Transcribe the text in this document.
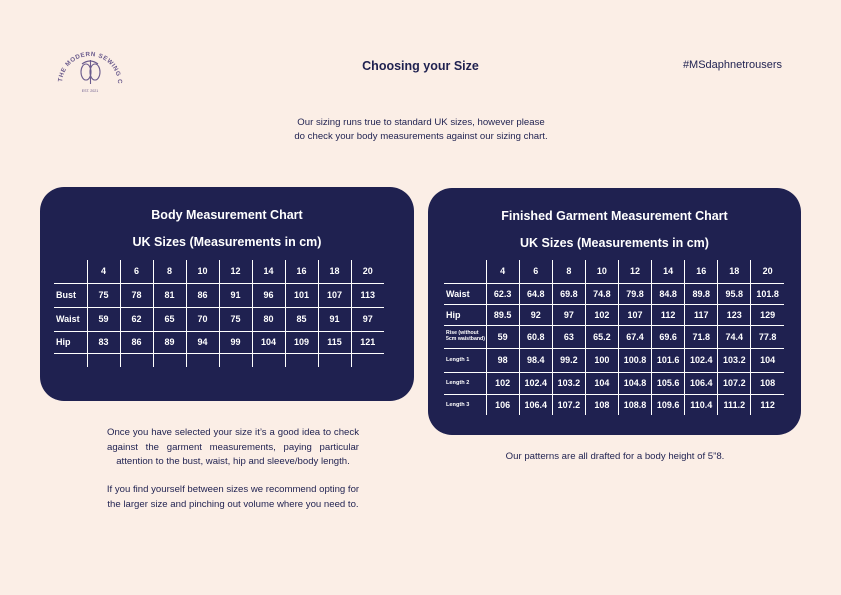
THE MODERN SEWING C
EST. 2021
Choosing your Size	#MSdaphnetrousers
Our sizing runs true to standard UK sizes, however please
do check your body measurements against our sizing chart.
Body Measurement Chart
UK Sizes (Measurements in cm)
	4	6	8	10	12	14	16	18	20
Bust	75	78	81	86	91	96	101	107	113
Waist	59	62	65	70	75	80	85	91	97
Hip	83	86	89	94	99	104	109	115	121

Finished Garment Measurement Chart
UK Sizes (Measurements in cm)
	4	6	8	10	12	14	16	18	20
Waist	62.3	64.8	69.8	74.8	79.8	84.8	89.8	95.8	101.8
Hip	89.5	92	97	102	107	112	117	123	129
Rise (without 5cm waistband)	59	60.8	63	65.2	67.4	69.6	71.8	74.4	77.8
Length 1	98	98.4	99.2	100	100.8	101.6	102.4	103.2	104
Length 2	102	102.4	103.2	104	104.8	105.6	106.4	107.2	108
Length 3	106	106.4	107.2	108	108.8	109.6	110.4	111.2	112
Once you have selected your size it’s a good idea to check against the garment measurements, paying particular attention to the bust, waist, hip and sleeve/body length.
If you find yourself between sizes we recommend opting for the larger size and pinching out volume where you need to.
Our patterns are all drafted for a body height of 5”8.
